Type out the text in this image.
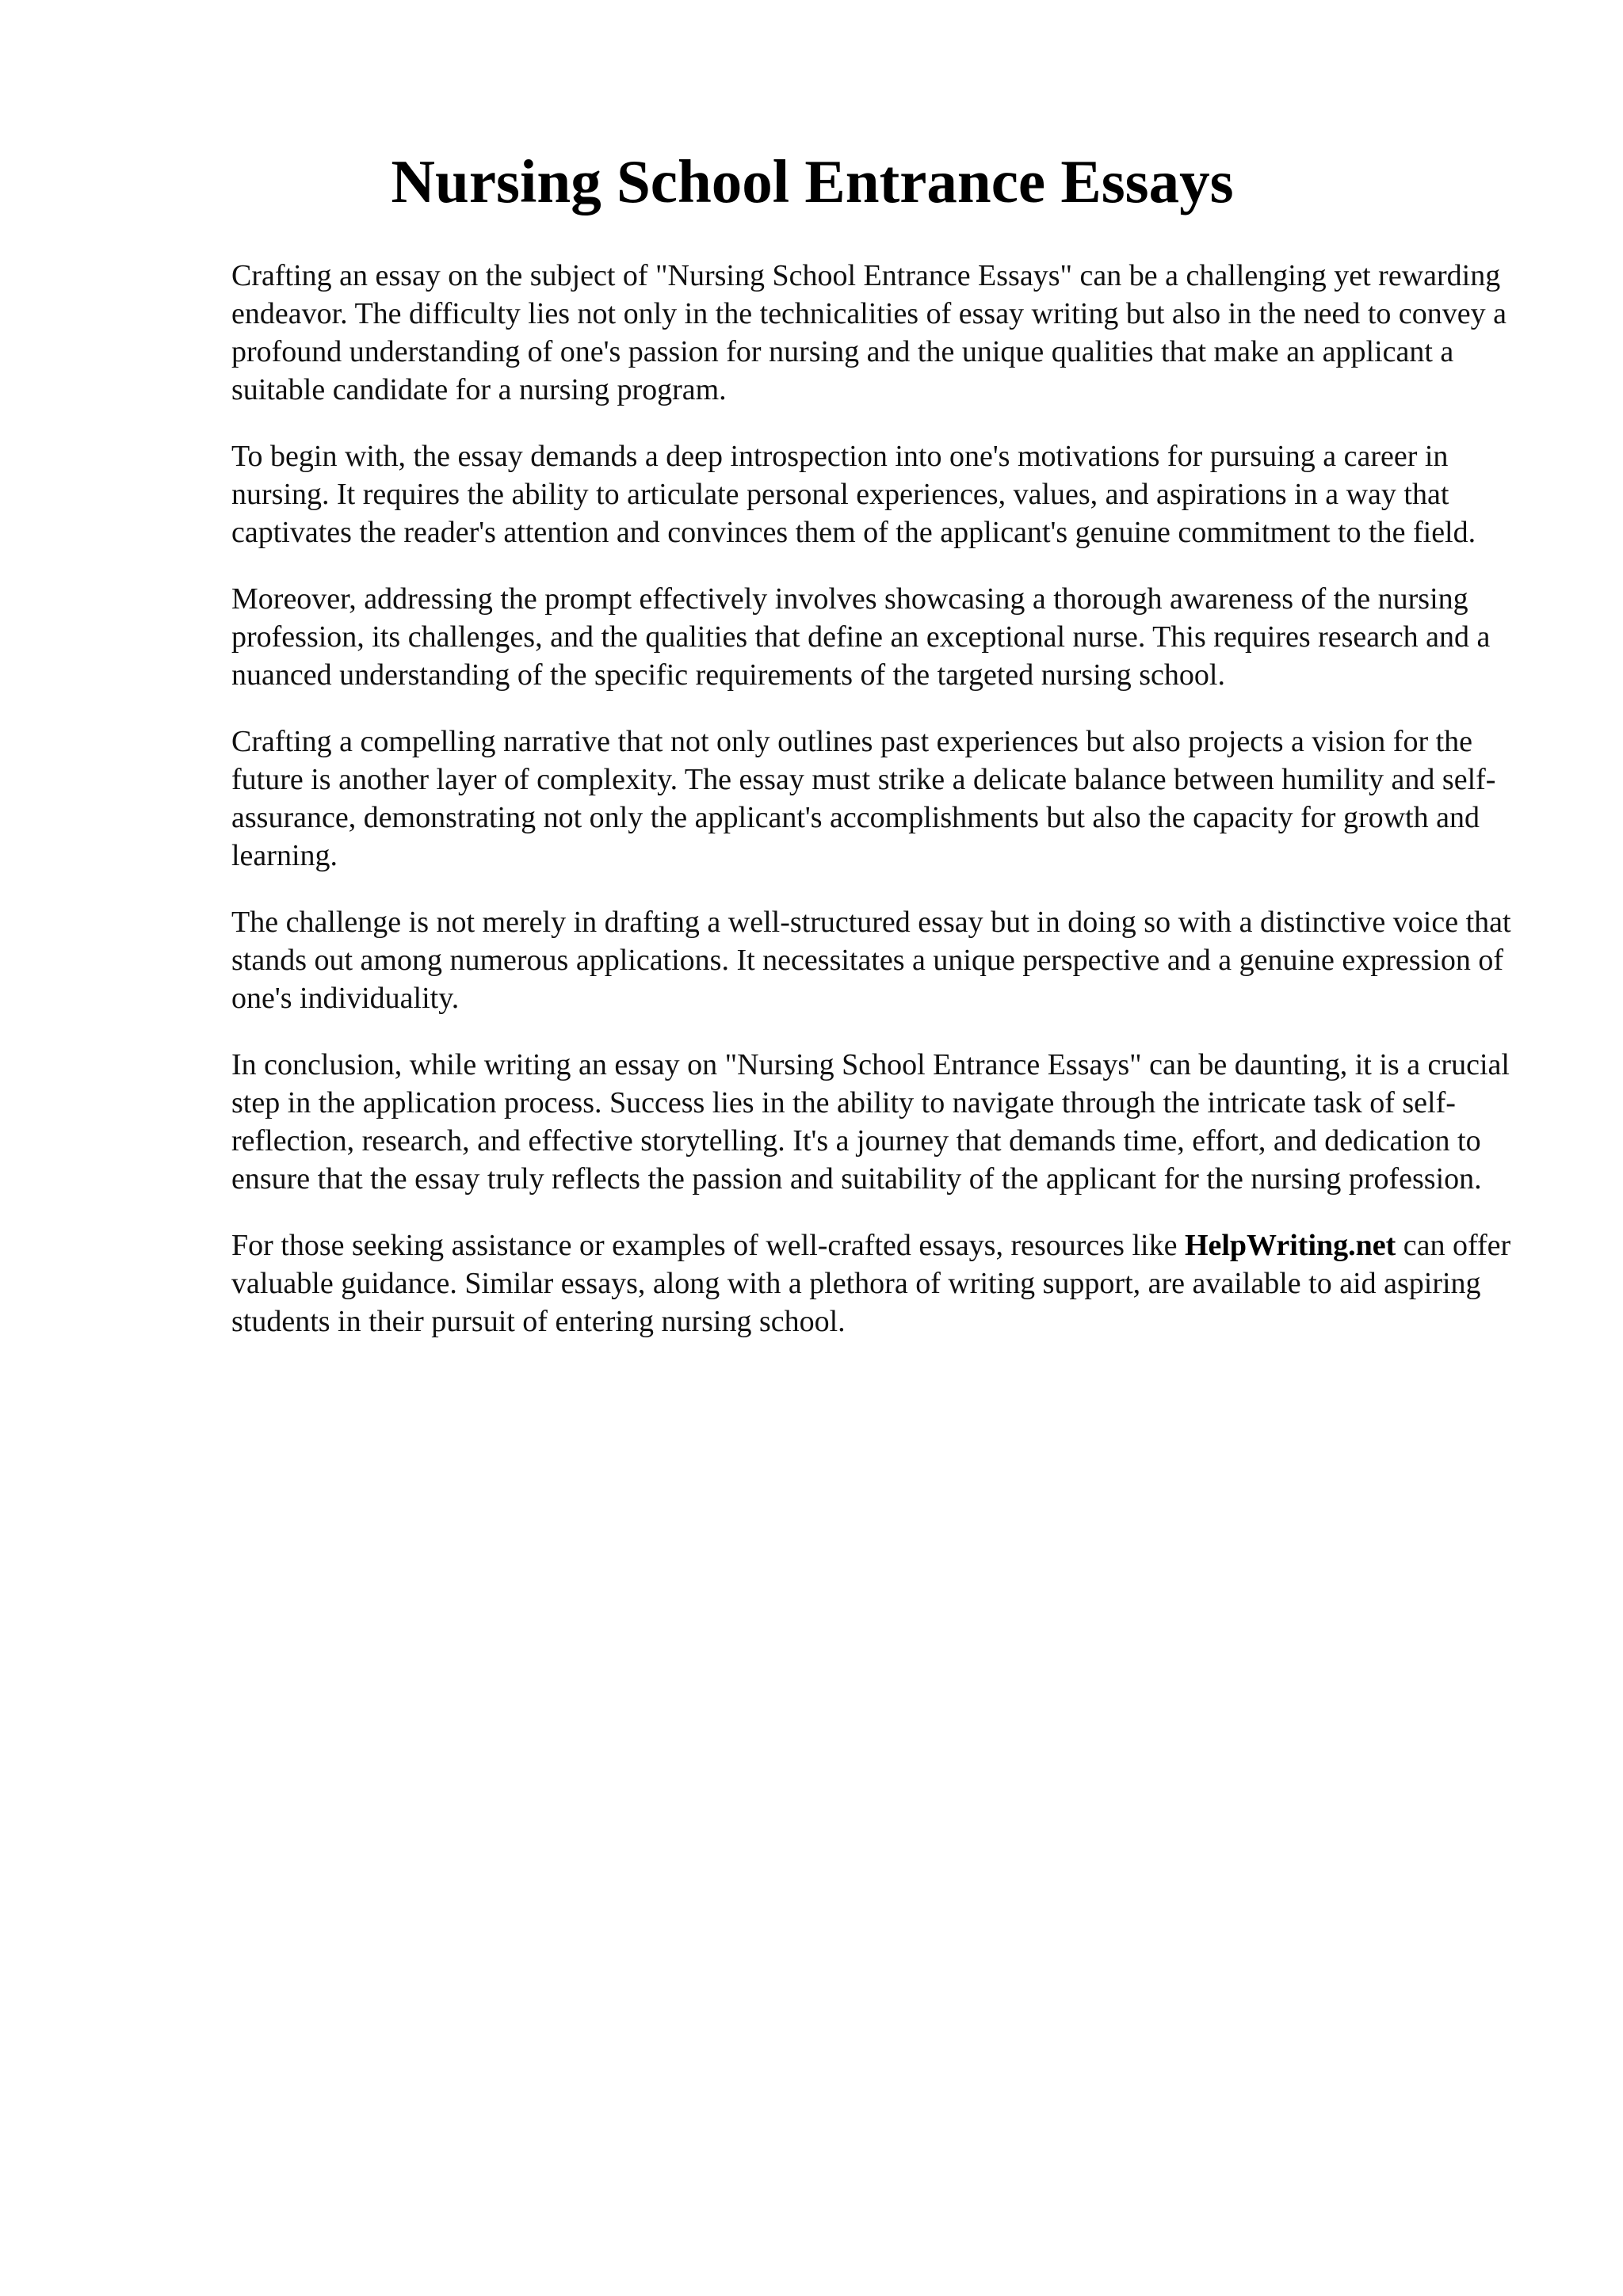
Nursing School Entrance Essays

Crafting an essay on the subject of "Nursing School Entrance Essays" can be a challenging yet rewarding endeavor. The difficulty lies not only in the technicalities of essay writing but also in the need to convey a profound understanding of one's passion for nursing and the unique qualities that make an applicant a suitable candidate for a nursing program.

To begin with, the essay demands a deep introspection into one's motivations for pursuing a career in nursing. It requires the ability to articulate personal experiences, values, and aspirations in a way that captivates the reader's attention and convinces them of the applicant's genuine commitment to the field.

Moreover, addressing the prompt effectively involves showcasing a thorough awareness of the nursing profession, its challenges, and the qualities that define an exceptional nurse. This requires research and a nuanced understanding of the specific requirements of the targeted nursing school.

Crafting a compelling narrative that not only outlines past experiences but also projects a vision for the future is another layer of complexity. The essay must strike a delicate balance between humility and self-assurance, demonstrating not only the applicant's accomplishments but also the capacity for growth and learning.

The challenge is not merely in drafting a well-structured essay but in doing so with a distinctive voice that stands out among numerous applications. It necessitates a unique perspective and a genuine expression of one's individuality.

In conclusion, while writing an essay on "Nursing School Entrance Essays" can be daunting, it is a crucial step in the application process. Success lies in the ability to navigate through the intricate task of self-reflection, research, and effective storytelling. It's a journey that demands time, effort, and dedication to ensure that the essay truly reflects the passion and suitability of the applicant for the nursing profession.

For those seeking assistance or examples of well-crafted essays, resources like HelpWriting.net can offer valuable guidance. Similar essays, along with a plethora of writing support, are available to aid aspiring students in their pursuit of entering nursing school.
